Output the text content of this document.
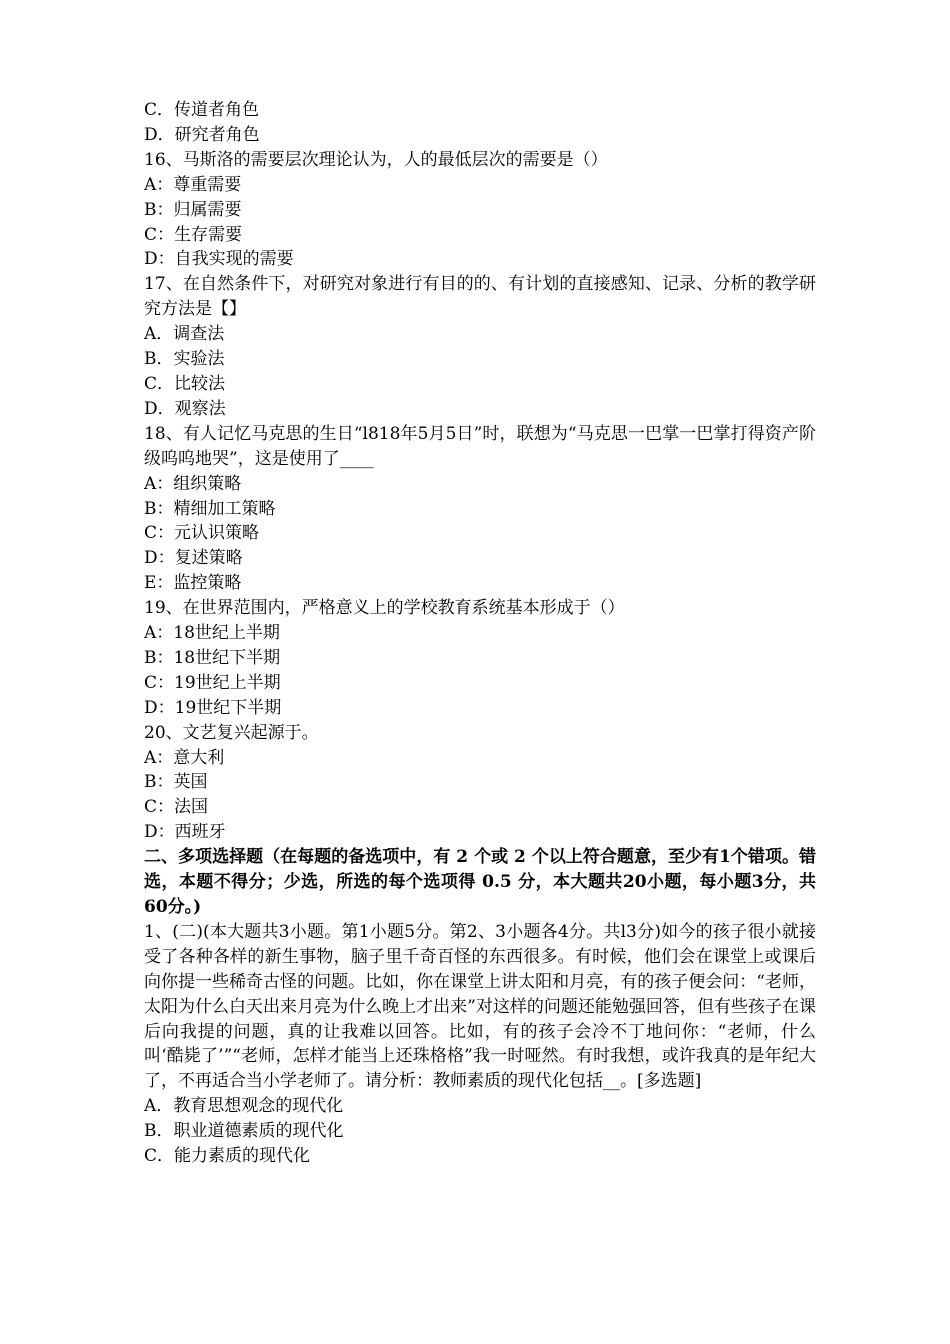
C．传道者角色
D．研究者角色
16、马斯洛的需要层次理论认为，人的最低层次的需要是（）
A：尊重需要
B：归属需要
C：生存需要
D：自我实现的需要
17、在自然条件下，对研究对象进行有目的的、有计划的直接感知、记录、分析的教学研究方法是【】
A．调查法
B．实验法
C．比较法
D．观察法
18、有人记忆马克思的生日“l818年5月5日”时，联想为“马克思一巴掌一巴掌打得资产阶级呜呜地哭”，这是使用了____
A：组织策略
B：精细加工策略
C：元认识策略
D：复述策略
E：监控策略
19、在世界范围内，严格意义上的学校教育系统基本形成于（）
A：18世纪上半期
B：18世纪下半期
C：19世纪上半期
D：19世纪下半期
20、文艺复兴起源于。
A：意大利
B：英国
C：法国
D：西班牙
二、多项选择题（在每题的备选项中，有 2 个或 2 个以上符合题意，至少有1个错项。错选，本题不得分；少选，所选的每个选项得 0.5 分，本大题共20小题，每小题3分，共60分。)
1、(二)(本大题共3小题。第1小题5分。第2、3小题各4分。共l3分)如今的孩子很小就接受了各种各样的新生事物，脑子里千奇百怪的东西很多。有时候，他们会在课堂上或课后向你提一些稀奇古怪的问题。比如，你在课堂上讲太阳和月亮，有的孩子便会问：“老师，太阳为什么白天出来月亮为什么晚上才出来”对这样的问题还能勉强回答，但有些孩子在课后向我提的问题，真的让我难以回答。比如，有的孩子会冷不丁地问你：“老师，什么叫‘酷毙了’”“老师，怎样才能当上还珠格格”我一时哑然。有时我想，或许我真的是年纪大了，不再适合当小学老师了。请分析：教师素质的现代化包括__。[多选题]
A．教育思想观念的现代化
B．职业道德素质的现代化
C．能力素质的现代化
